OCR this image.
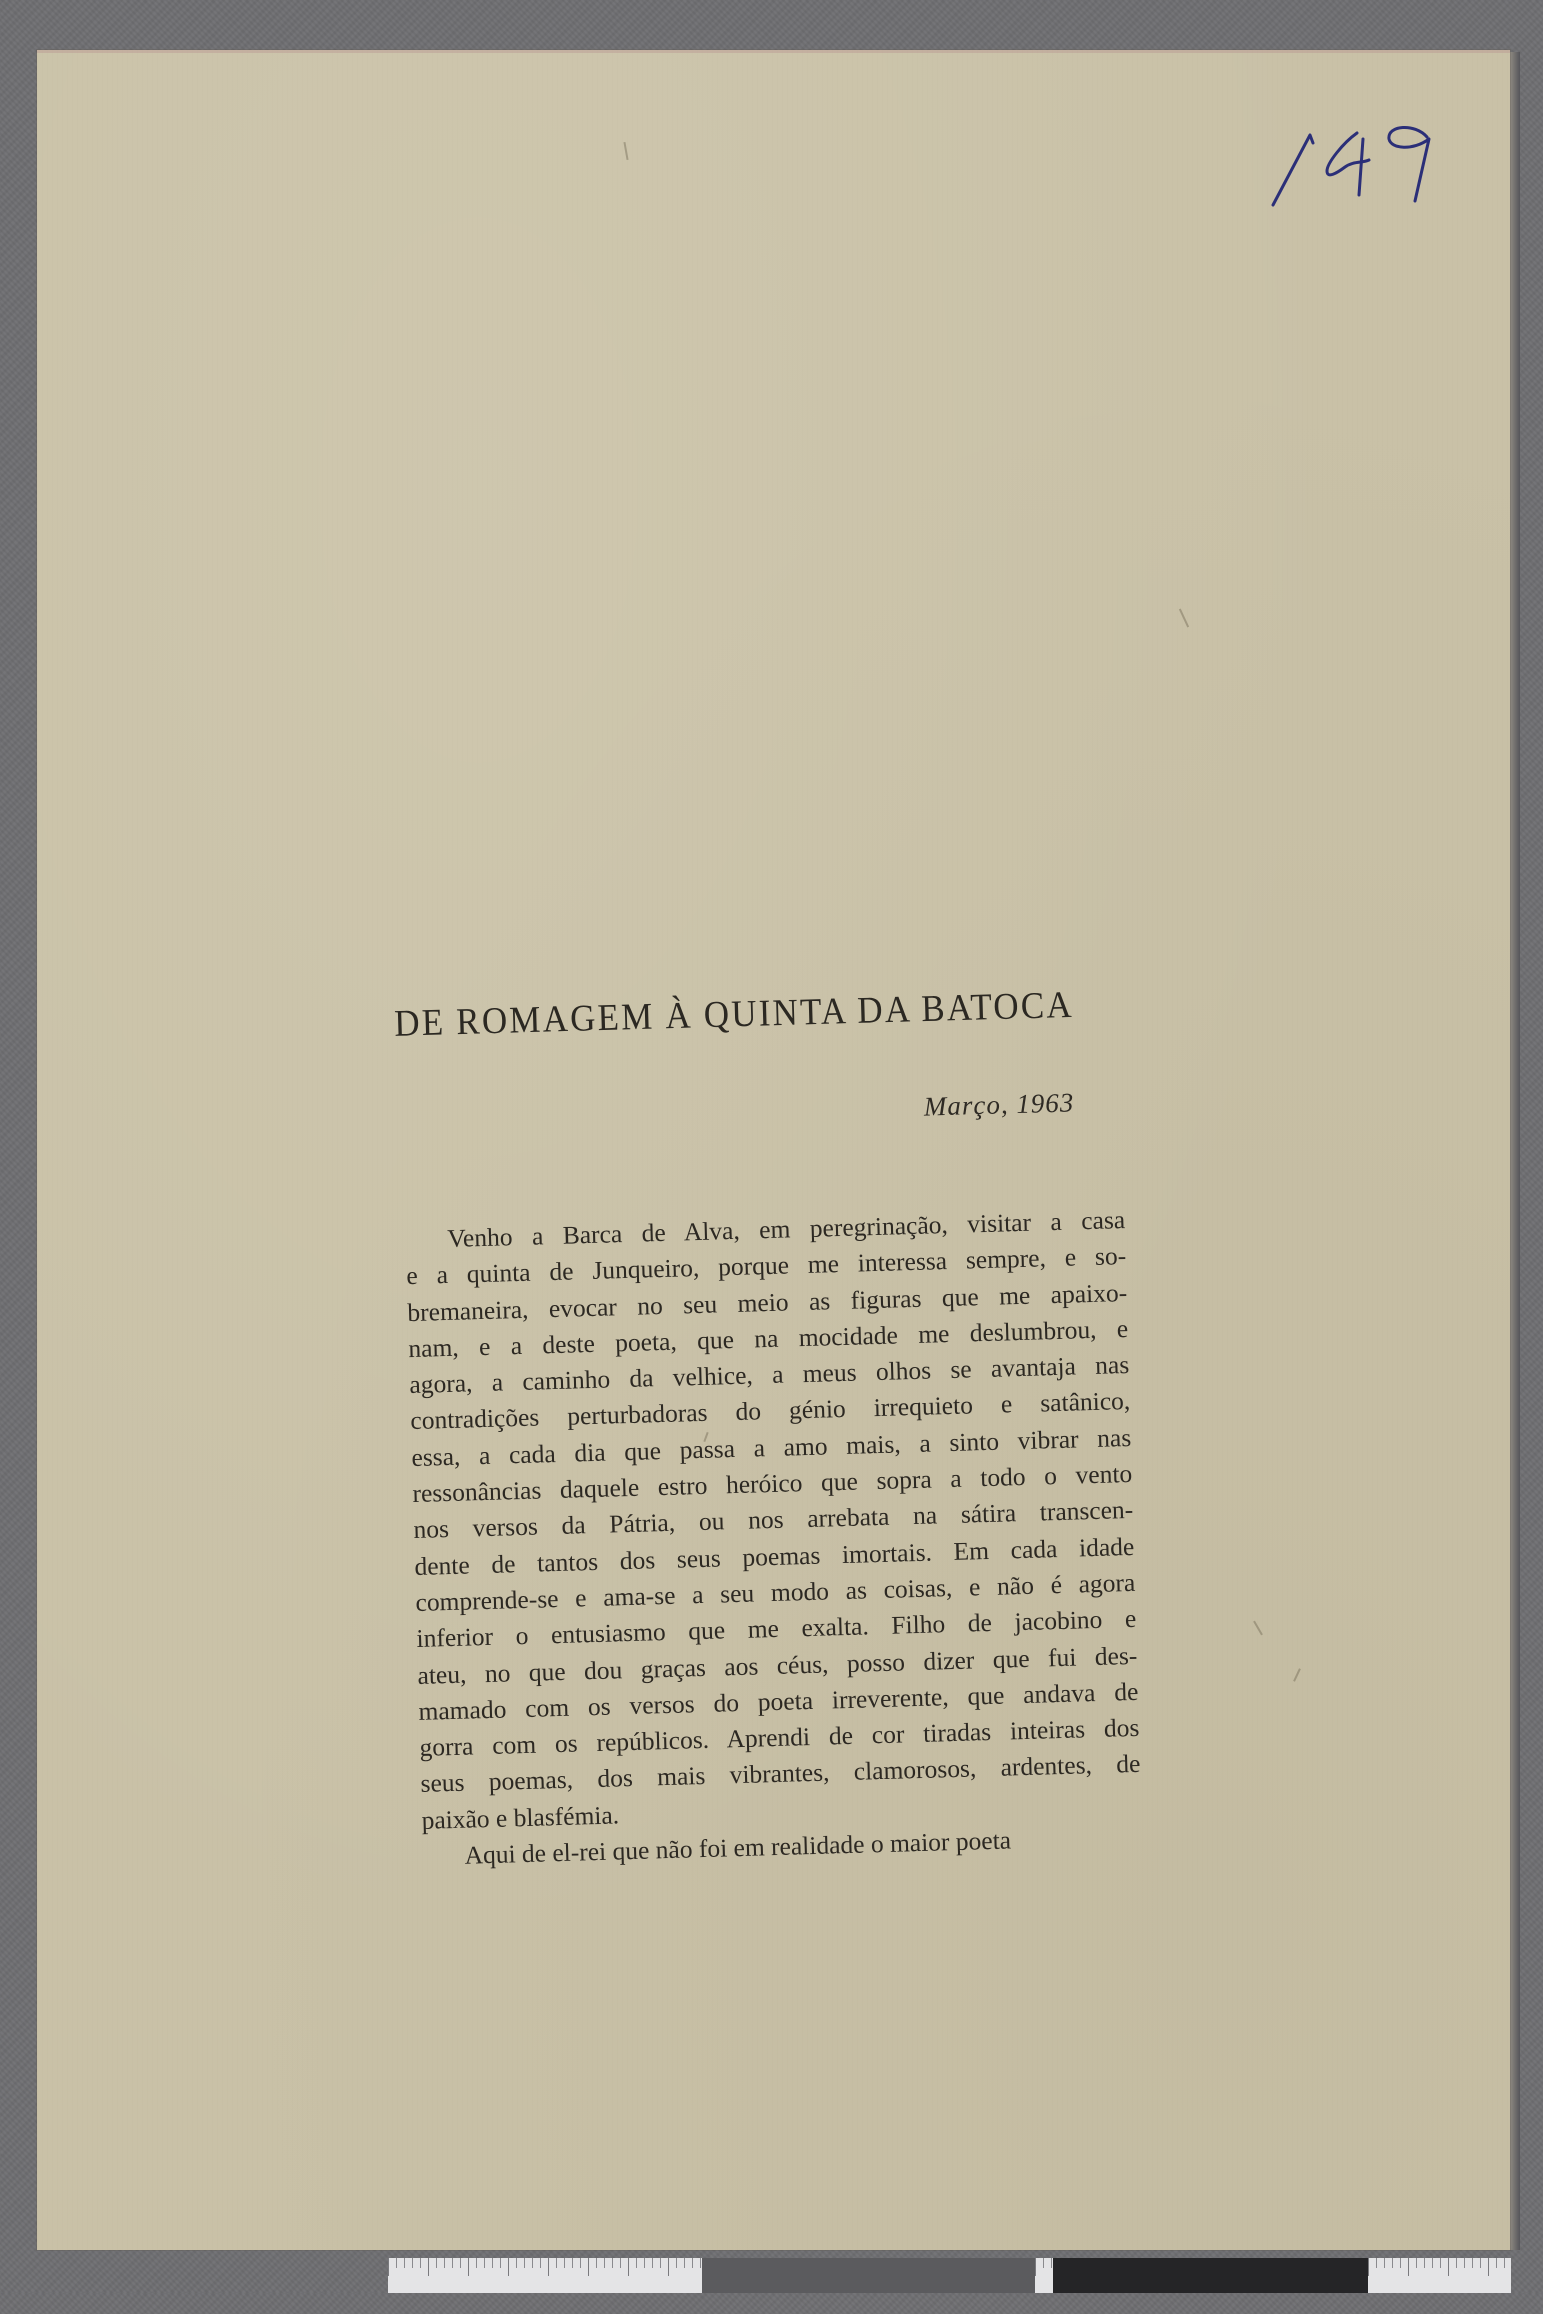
DE ROMAGEM À QUINTA DA BATOCA
Março, 1963
Venho a Barca de Alva, em peregrinação, visitar a casa
e a quinta de Junqueiro, porque me interessa sempre, e so-
bremaneira, evocar no seu meio as figuras que me apaixo-
nam, e a deste poeta, que na mocidade me deslumbrou, e
agora, a caminho da velhice, a meus olhos se avantaja nas
contradições perturbadoras do génio irrequieto e satânico,
essa, a cada dia que passa a amo mais, a sinto vibrar nas
ressonâncias daquele estro heróico que sopra a todo o vento
nos versos da Pátria, ou nos arrebata na sátira transcen-
dente de tantos dos seus poemas imortais. Em cada idade
comprende-se e ama-se a seu modo as coisas, e não é agora
inferior o entusiasmo que me exalta. Filho de jacobino e
ateu, no que dou graças aos céus, posso dizer que fui des-
mamado com os versos do poeta irreverente, que andava de
gorra com os repúblicos. Aprendi de cor tiradas inteiras dos
seus poemas, dos mais vibrantes, clamorosos, ardentes, de
paixão e blasfémia.
Aqui de el-rei que não foi em realidade o maior poeta
